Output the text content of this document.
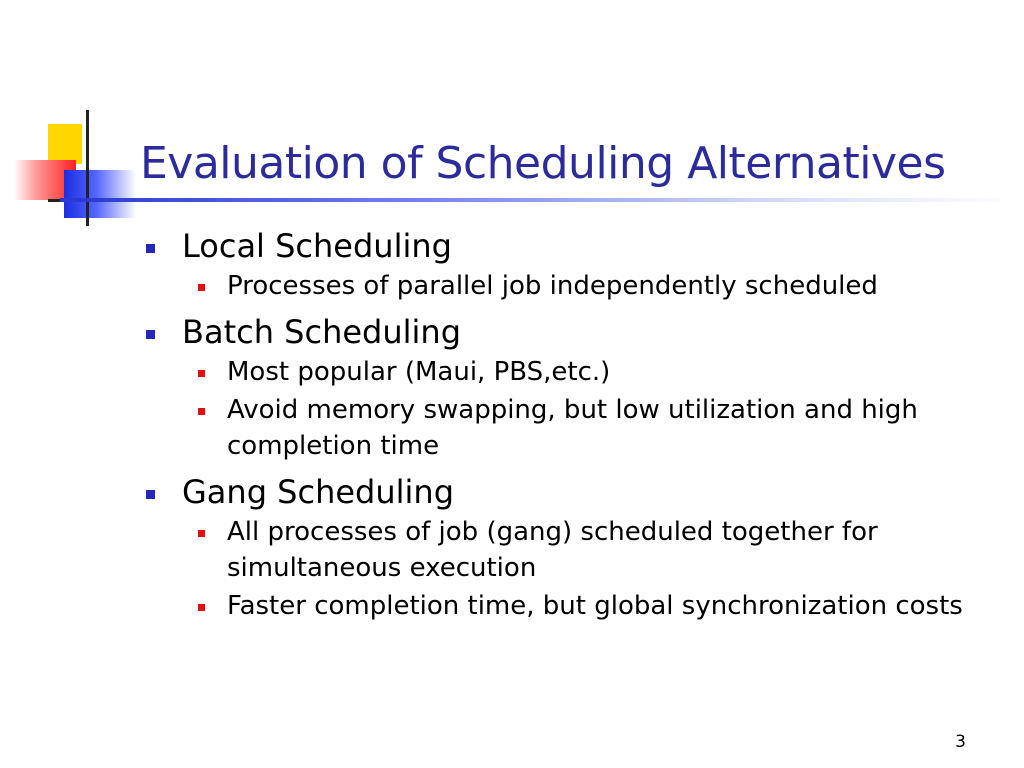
Evaluation of Scheduling Alternatives
Local Scheduling
Processes of parallel job independently scheduled
Batch Scheduling
Most popular (Maui, PBS,etc.)
Avoid memory swapping, but low utilization and high completion time
Gang Scheduling
All processes of job (gang) scheduled together for simultaneous execution
Faster completion time, but global synchronization costs
3
